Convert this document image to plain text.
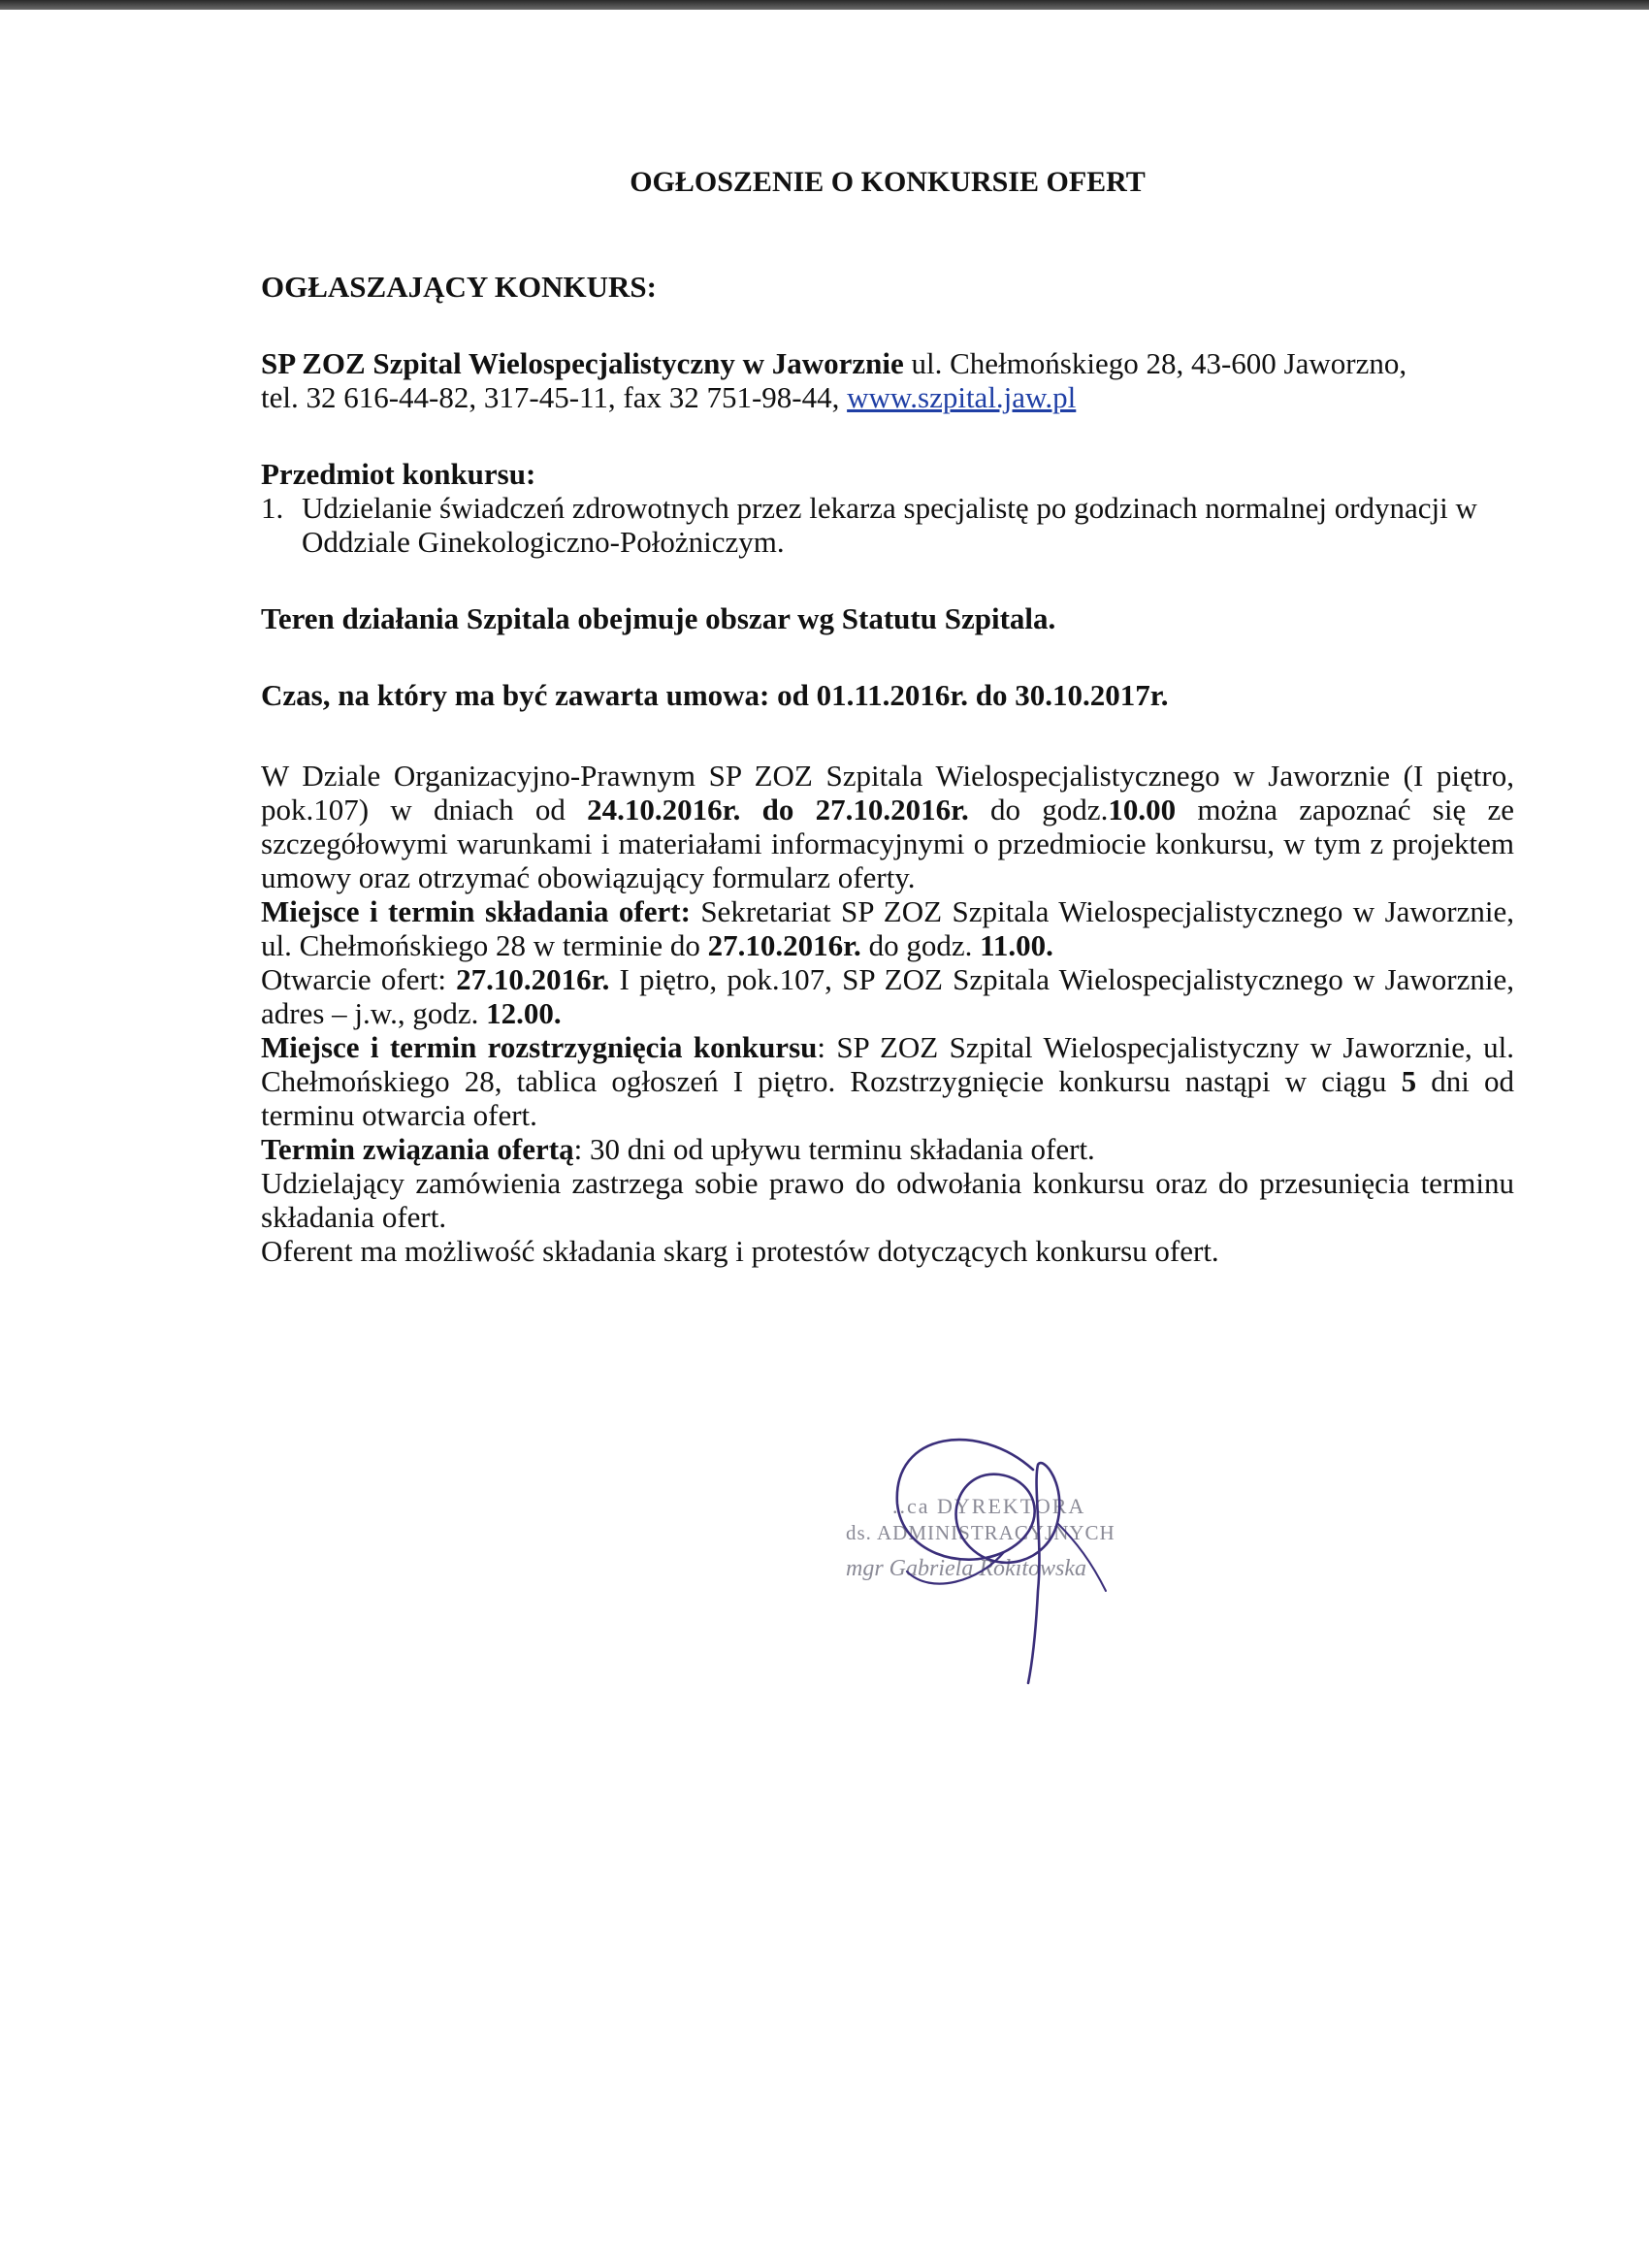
OGŁOSZENIE O KONKURSIE OFERT

OGŁASZAJĄCY KONKURS:

SP ZOZ Szpital Wielospecjalistyczny w Jaworznie ul. Chełmońskiego 28, 43-600 Jaworzno,
tel. 32 616-44-82, 317-45-11, fax 32 751-98-44, www.szpital.jaw.pl

Przedmiot konkursu:

1. Udzielanie świadczeń zdrowotnych przez lekarza specjalistę po godzinach normalnej ordynacji w Oddziale Ginekologiczno-Położniczym.

Teren działania Szpitala obejmuje obszar wg Statutu Szpitala.

Czas, na który ma być zawarta umowa: od 01.11.2016r. do 30.10.2017r.

W Dziale Organizacyjno-Prawnym SP ZOZ Szpitala Wielospecjalistycznego w Jaworznie (I piętro, pok.107) w dniach od 24.10.2016r. do 27.10.2016r. do godz.10.00 można zapoznać się ze szczegółowymi warunkami i materiałami informacyjnymi o przedmiocie konkursu, w tym z projektem umowy oraz otrzymać obowiązujący formularz oferty.

Miejsce i termin składania ofert: Sekretariat SP ZOZ Szpitala Wielospecjalistycznego w Jaworznie, ul. Chełmońskiego 28 w terminie do 27.10.2016r. do godz. 11.00.

Otwarcie ofert: 27.10.2016r. I piętro, pok.107, SP ZOZ Szpitala Wielospecjalistycznego w Jaworznie, adres – j.w., godz. 12.00.

Miejsce i termin rozstrzygnięcia konkursu: SP ZOZ Szpital Wielospecjalistyczny w Jaworznie, ul. Chełmońskiego 28, tablica ogłoszeń I piętro. Rozstrzygnięcie konkursu nastąpi w ciągu 5 dni od terminu otwarcia ofert.

Termin związania ofertą: 30 dni od upływu terminu składania ofert.

Udzielający zamówienia zastrzega sobie prawo do odwołania konkursu oraz do przesunięcia terminu składania ofert.

Oferent ma możliwość składania skarg i protestów dotyczących konkursu ofert.

..ca DYREKTORA
ds. ADMINISTRACYJNYCH
mgr Gabriela Rokitowska
